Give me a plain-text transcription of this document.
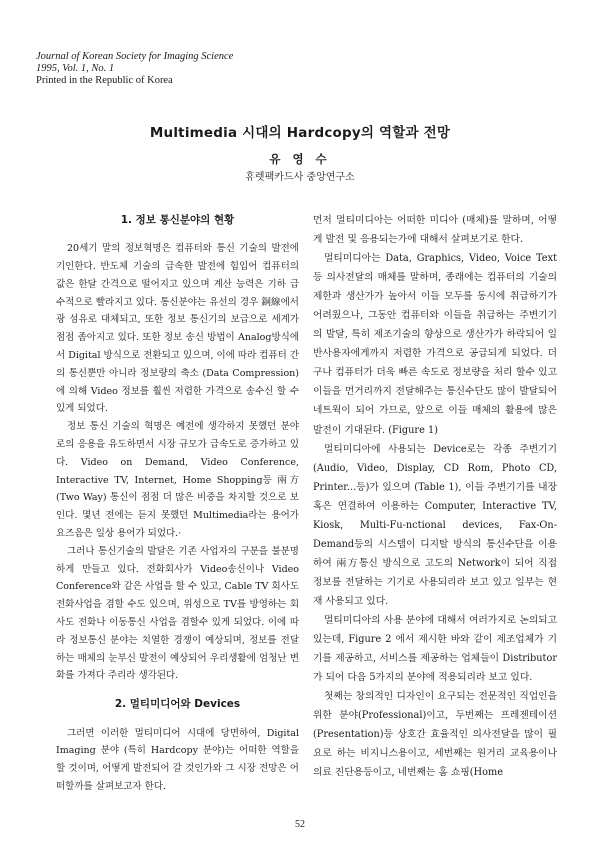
Journal of Korean Society for Imaging Science
1995, Vol. 1, No. 1
Printed in the Republic of Korea
Multimedia 시대의 Hardcopy의 역할과 전망
유 영 수
휴렛팩카드사 중앙연구소
1. 정보 통신분야의 현황

20세기 말의 정보혁명은 컴퓨터와 통신 기술의 발전에 기인한다. 반도체 기술의 급속한 발전에 힘입어 컴퓨터의 값은 한달 간격으로 떨어지고 있으며 계산 능력은 기하 급수적으로 빨라지고 있다. 통신분야는 유선의 경우 銅線에서 광 섬유로 대체되고, 또한 정보 통신기의 보급으로 세계가 점점 좁아지고 있다. 또한 정보 송신 방법이 Analog방식에서 Digital 방식으로 전환되고 있으며, 이에 따라 컴퓨터 간의 통신뿐만 아니라 정보량의 축소 (Data Compression)에 의해 Video 정보를 훨씬 저렴한 가격으로 송수신 할 수 있게 되었다.

정보 통신 기술의 혁명은 예전에 생각하지 못했던 분야로의 응용을 유도하면서 시장 규모가 급속도로 증가하고 있다. Video on Demand, Video Conference, Interactive TV, Internet, Home Shopping등 兩方 (Two Way) 통신이 점점 더 많은 비중을 차지할 것으로 보인다. 몇년 전에는 듣지 못했던 Multimedia라는 용어가 요즈음은 일상 용어가 되었다.·

그러나 통신기술의 발달은 기존 사업자의 구분을 불분명하게 만들고 있다. 전화회사가 Video송신이나 Video Conference와 같은 사업을 할 수 있고, Cable TV 회사도 전화사업을 겸할 수도 있으며, 위성으로 TV를 방영하는 회사도 전화나 이동통신 사업을 겸할수 있게 되었다. 이에 따라 정보통신 분야는 치열한 경쟁이 예상되며, 정보를 전달하는 매체의 눈부신 발전이 예상되어 우리생활에 엄청난 변화를 가져다 주리라 생각된다.

2. 멀티미디어와 Devices

그러면 이러한 멀티미디어 시대에 당면하여, Digital Imaging 분야 (특히 Hardcopy 분야)는 어떠한 역할을 할 것이며, 어떻게 발전되어 갈 것인가와 그 시장 전망은 어떠할까를 살펴보고자 한다.

먼저 멀티미디아는 어떠한 미디아 (매체)를 말하며, 어떻게 발전 및 응용되는가에 대해서 살펴보기로 한다.

멀티미디아는 Data, Graphics, Video, Voice Text등 의사전달의 매체를 말하며, 종래에는 컴퓨터의 기술의 제한과 생산가가 높아서 이들 모두를 동시에 취급하기가 어려웠으나, 그동안 컴퓨터와 이들을 취급하는 주변기기의 발달, 특히 제조기술의 향상으로 생산가가 하락되어 일반사용자에게까지 저렴한 가격으로 공급되게 되었다. 더구나 컴퓨터가 더욱 빠른 속도로 정보량을 처리 할수 있고 이들을 먼거리까지 전달해주는 통신수단도 많이 발달되어 네트웍이 되어 가므로, 앞으로 이들 매체의 활용에 많은 발전이 기대된다. (Figure 1)

멀티미디아에 사용되는 Device로는 각종 주변기기 (Audio, Video, Display, CD Rom, Photo CD, Printer...등)가 있으며 (Table 1), 이들 주변기기를 내장 혹은 연결하여 이용하는 Computer, Interactive TV, Kiosk, Multi-Fu-nctional devices, Fax-On-Demand등의 시스템이 디지탈 방식의 통신수단을 이용하여 兩方통신 방식으로 고도의 Network이 되어 직접 정보를 전달하는 기기로 사용되리라 보고 있고 일부는 현재 사용되고 있다.

멀티미디아의 사용 분야에 대해서 여러가지로 논의되고 있는데, Figure 2 에서 제시한 바와 같이 제조업체가 기기를 제공하고, 서비스를 제공하는 업체들이 Distributor가 되어 다음 5가지의 분야에 적용되리라 보고 있다.

첫째는 창의적인 디자인이 요구되는 전문적인 직업인을 위한 분야(Professional)이고, 두번째는 프레젠테이션(Presentation)등 상호간 효율적인 의사전달을 많이 필요로 하는 비지니스용이고, 세번째는 원거리 교육용이나 의료 진단용등이고, 네번째는 홈 쇼핑(Home

52
